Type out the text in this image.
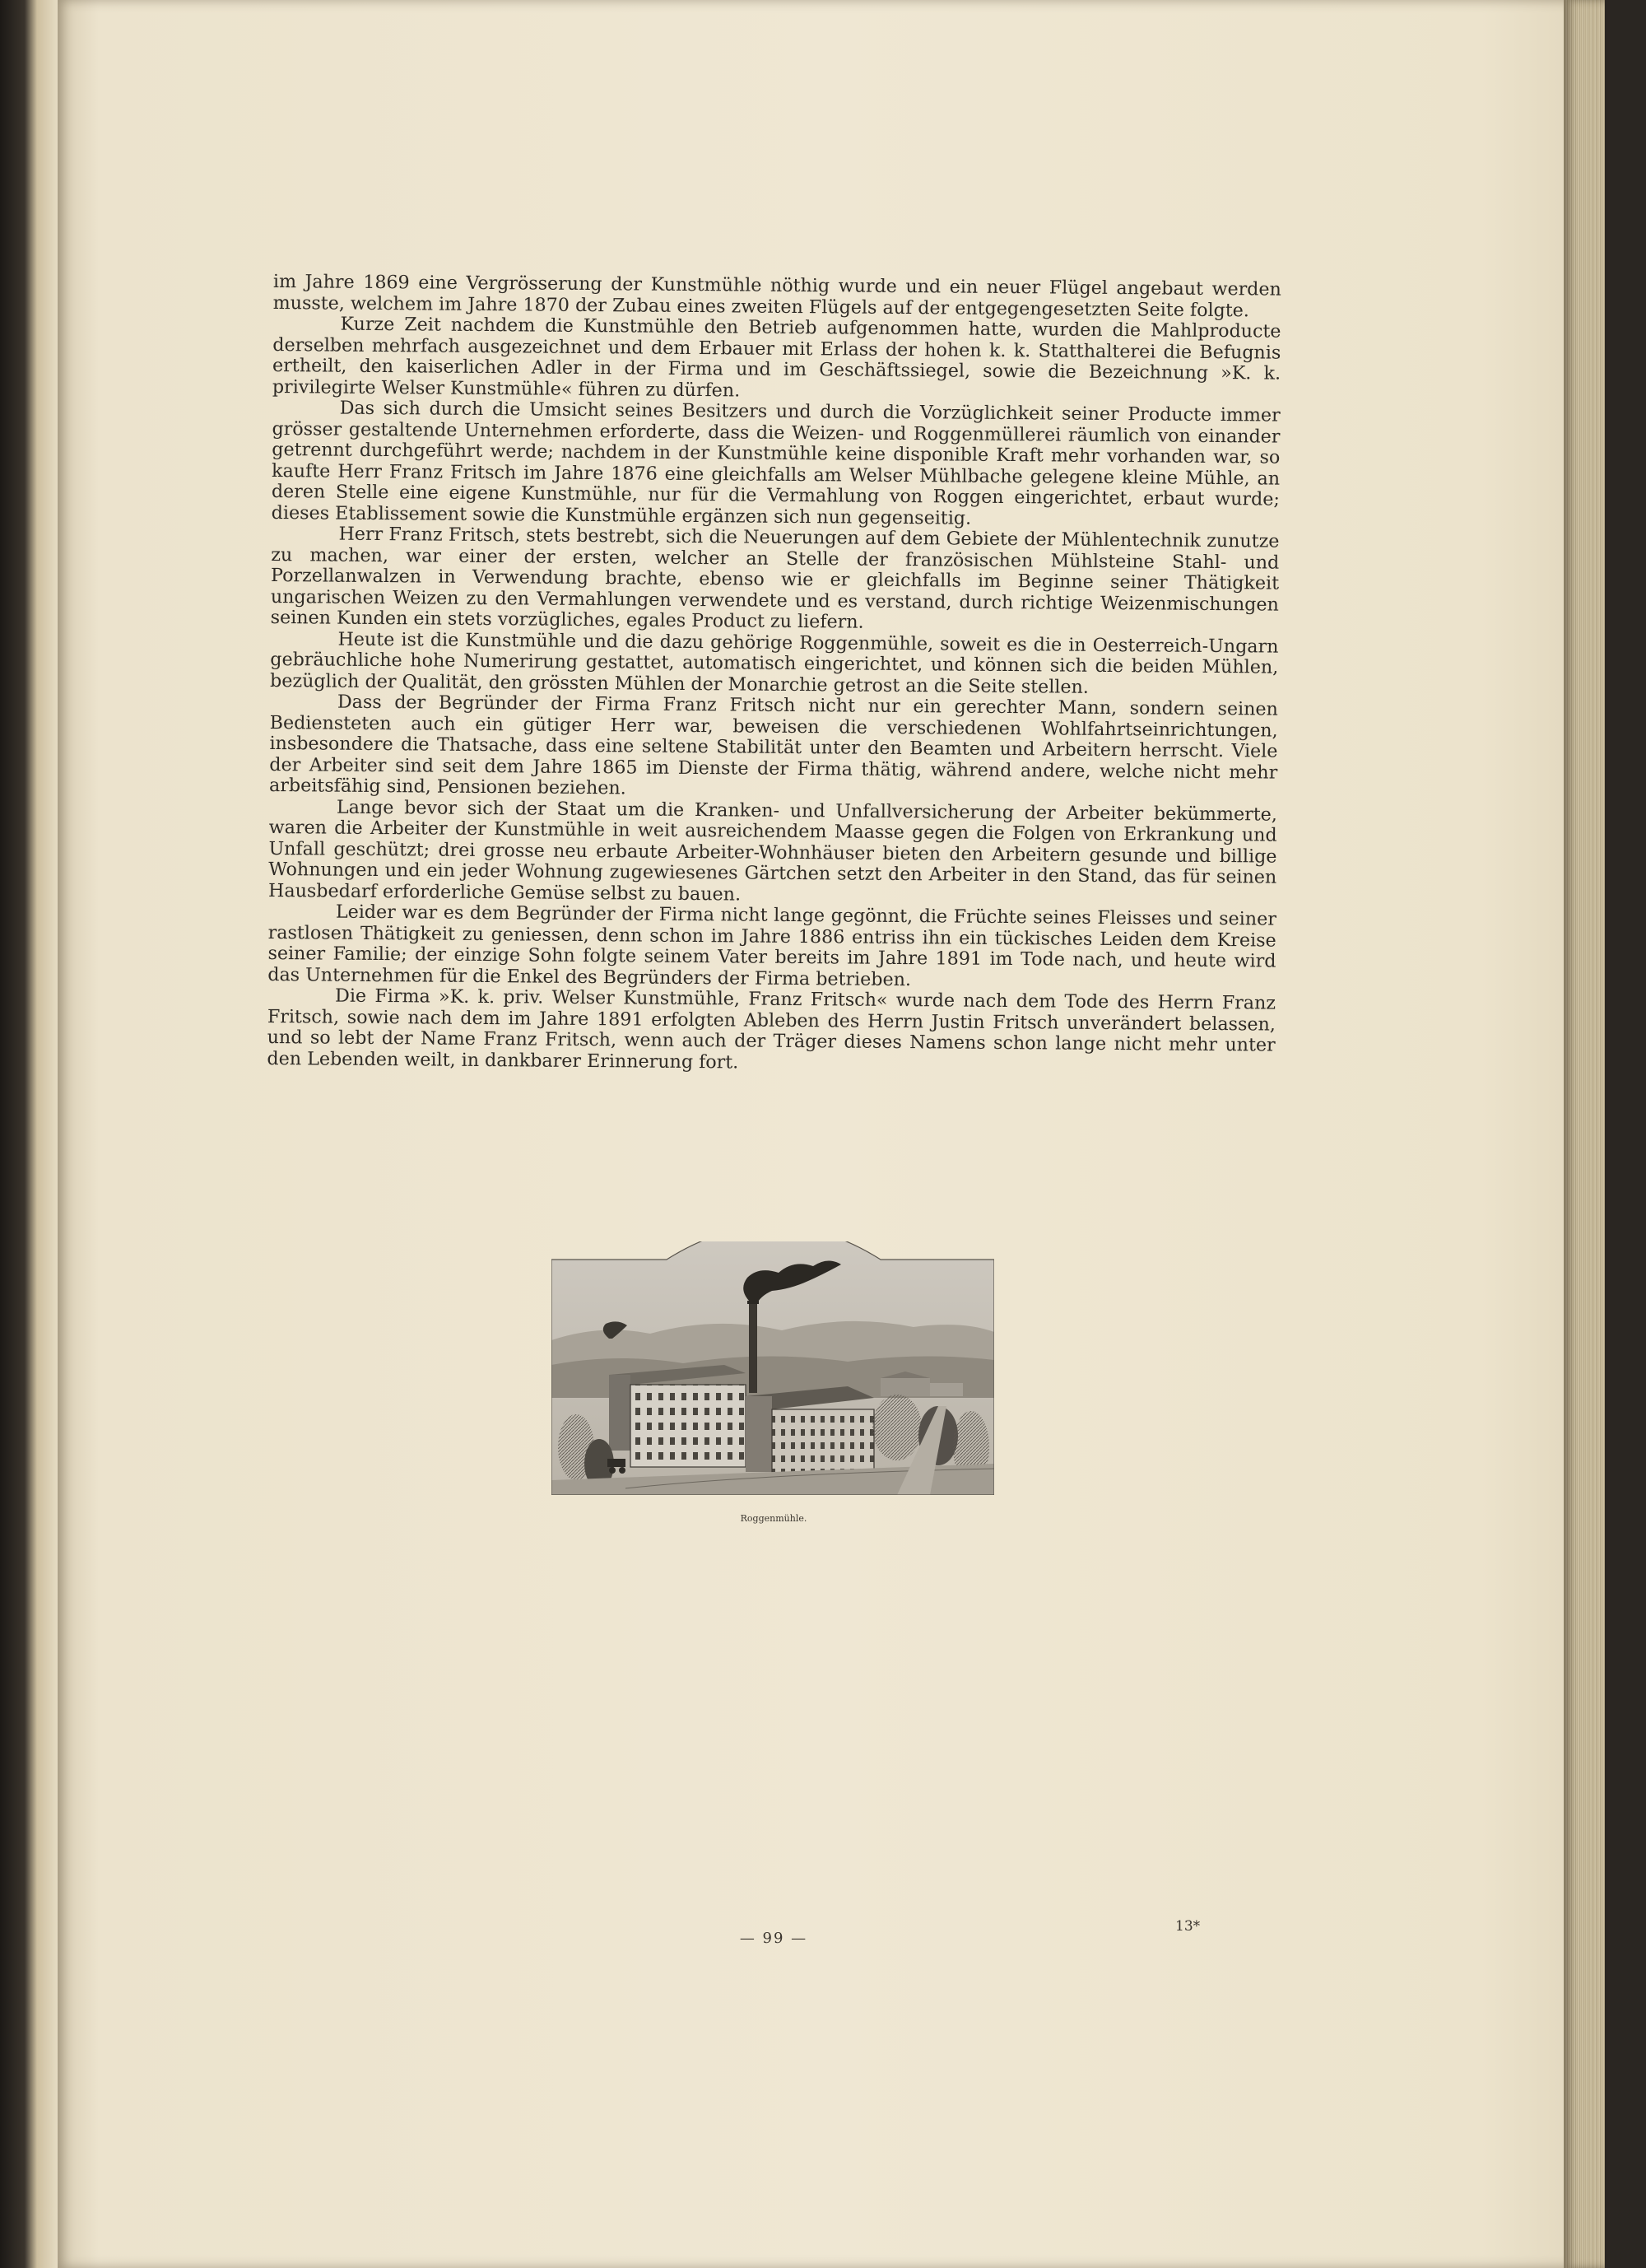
im Jahre 1869 eine Vergrösserung der Kunstmühle nöthig wurde und ein neuer Flügel angebaut werden musste, welchem im Jahre 1870 der Zubau eines zweiten Flügels auf der entgegengesetzten Seite folgte.

Kurze Zeit nachdem die Kunstmühle den Betrieb aufgenommen hatte, wurden die Mahlproducte derselben mehrfach ausgezeichnet und dem Erbauer mit Erlass der hohen k. k. Statthalterei die Befugnis ertheilt, den kaiserlichen Adler in der Firma und im Geschäftssiegel, sowie die Bezeichnung »K. k. privilegirte Welser Kunstmühle« führen zu dürfen.

Das sich durch die Umsicht seines Besitzers und durch die Vorzüglichkeit seiner Producte immer grösser gestaltende Unternehmen erforderte, dass die Weizen- und Roggenmüllerei räumlich von einander getrennt durchgeführt werde; nachdem in der Kunstmühle keine disponible Kraft mehr vorhanden war, so kaufte Herr Franz Fritsch im Jahre 1876 eine gleichfalls am Welser Mühlbache gelegene kleine Mühle, an deren Stelle eine eigene Kunstmühle, nur für die Vermahlung von Roggen eingerichtet, erbaut wurde; dieses Etablissement sowie die Kunstmühle ergänzen sich nun gegenseitig.

Herr Franz Fritsch, stets bestrebt, sich die Neuerungen auf dem Gebiete der Mühlentechnik zunutze zu machen, war einer der ersten, welcher an Stelle der französischen Mühlsteine Stahl- und Porzellanwalzen in Verwendung brachte, ebenso wie er gleichfalls im Beginne seiner Thätigkeit ungarischen Weizen zu den Vermahlungen verwendete und es verstand, durch richtige Weizenmischungen seinen Kunden ein stets vorzügliches, egales Product zu liefern.

Heute ist die Kunstmühle und die dazu gehörige Roggenmühle, soweit es die in Oesterreich-Ungarn gebräuchliche hohe Numerirung gestattet, automatisch eingerichtet, und können sich die beiden Mühlen, bezüglich der Qualität, den grössten Mühlen der Monarchie getrost an die Seite stellen.

Dass der Begründer der Firma Franz Fritsch nicht nur ein gerechter Mann, sondern seinen Bediensteten auch ein gütiger Herr war, beweisen die verschiedenen Wohlfahrtseinrichtungen, insbesondere die Thatsache, dass eine seltene Stabilität unter den Beamten und Arbeitern herrscht. Viele der Arbeiter sind seit dem Jahre 1865 im Dienste der Firma thätig, während andere, welche nicht mehr arbeitsfähig sind, Pensionen beziehen.

Lange bevor sich der Staat um die Kranken- und Unfallversicherung der Arbeiter bekümmerte, waren die Arbeiter der Kunstmühle in weit ausreichendem Maasse gegen die Folgen von Erkrankung und Unfall geschützt; drei grosse neu erbaute Arbeiter-Wohnhäuser bieten den Arbeitern gesunde und billige Wohnungen und ein jeder Wohnung zugewiesenes Gärtchen setzt den Arbeiter in den Stand, das für seinen Hausbedarf erforderliche Gemüse selbst zu bauen.

Leider war es dem Begründer der Firma nicht lange gegönnt, die Früchte seines Fleisses und seiner rastlosen Thätigkeit zu geniessen, denn schon im Jahre 1886 entriss ihn ein tückisches Leiden dem Kreise seiner Familie; der einzige Sohn folgte seinem Vater bereits im Jahre 1891 im Tode nach, und heute wird das Unternehmen für die Enkel des Begründers der Firma betrieben.

Die Firma »K. k. priv. Welser Kunstmühle, Franz Fritsch« wurde nach dem Tode des Herrn Franz Fritsch, sowie nach dem im Jahre 1891 erfolgten Ableben des Herrn Justin Fritsch unverändert belassen, und so lebt der Name Franz Fritsch, wenn auch der Träger dieses Namens schon lange nicht mehr unter den Lebenden weilt, in dankbarer Erinnerung fort.

Roggenmühle.
— 99 —
13*
